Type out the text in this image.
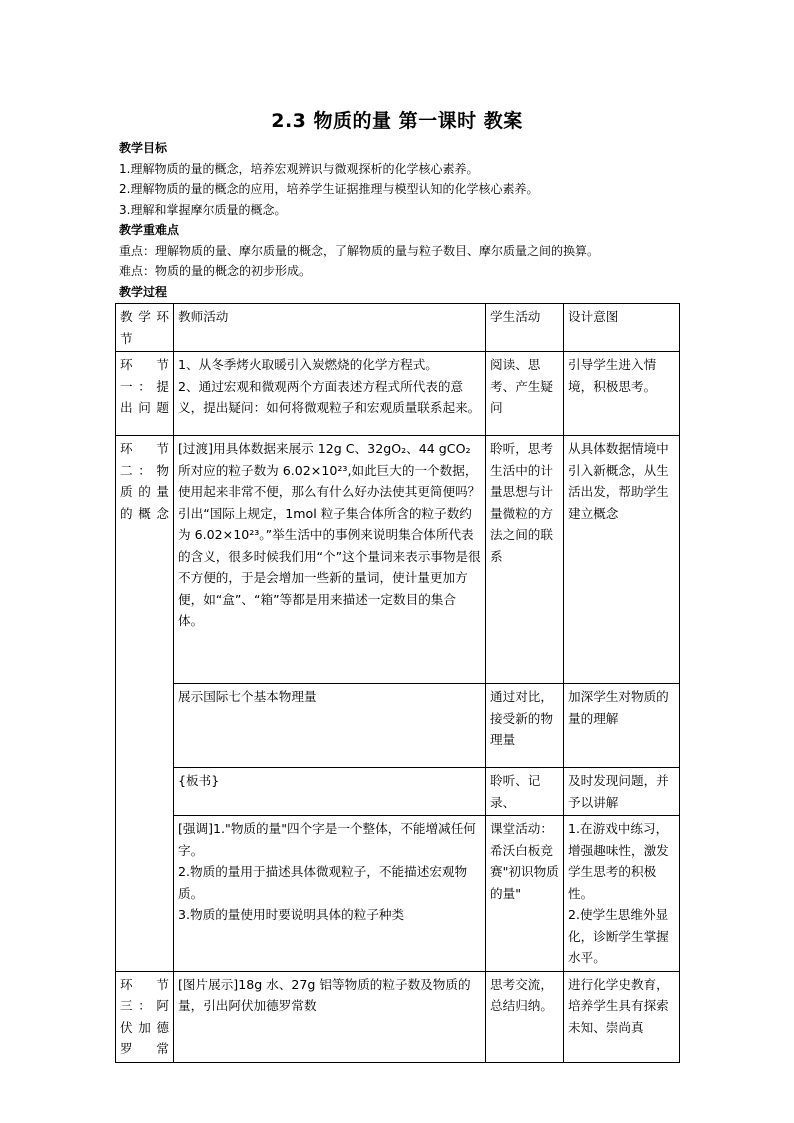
2.3 物质的量 第一课时 教案
教学目标
1.理解物质的量的概念，培养宏观辨识与微观探析的化学核心素养。
2.理解物质的量的概念的应用，培养学生证据推理与模型认知的化学核心素养。
3.理解和掌握摩尔质量的概念。
教学重难点
重点：理解物质的量、摩尔质量的概念，了解物质的量与粒子数目、摩尔质量之间的换算。
难点：物质的量的概念的初步形成。
教学过程
教学环节	教师活动	学生活动	设计意图
环节一：提出问题	1、从冬季烤火取暖引入炭燃烧的化学方程式。
2、通过宏观和微观两个方面表述方程式所代表的意义，提出疑问：如何将微观粒子和宏观质量联系起来。	阅读、思考、产生疑问	引导学生进入情境，积极思考。
环节二：物质的量的概念	[过渡]用具体数据来展示 12g C、32gO₂、44 gCO₂所对应的粒子数为 6.02×10²³,如此巨大的一个数据，使用起来非常不便，那么有什么好办法使其更简便吗？引出“国际上规定，1mol 粒子集合体所含的粒子数约为 6.02×10²³。”举生活中的事例来说明集合体所代表的含义，很多时候我们用“个”这个量词来表示事物是很不方便的，于是会增加一些新的量词，使计量更加方便，如“盒”、“箱”等都是用来描述一定数目的集合体。	聆听，思考生活中的计量思想与计量微粒的方法之间的联系	从具体数据情境中引入新概念，从生活出发，帮助学生建立概念
	展示国际七个基本物理量	通过对比，接受新的物理量	加深学生对物质的量的理解
	{板书}	聆听、记录、	及时发现问题，并予以讲解
	[强调]1."物质的量"四个字是一个整体，不能增减任何字。
2.物质的量用于描述具体微观粒子，不能描述宏观物质。
3.物质的量使用时要说明具体的粒子种类	课堂活动：希沃白板竞赛"初识物质的量"	1.在游戏中练习，增强趣味性，激发学生思考的积极性。
2.使学生思维外显化，诊断学生掌握水平。
环节三：阿伏加德罗常	[图片展示]18g 水、27g 铝等物质的粒子数及物质的量，引出阿伏加德罗常数	思考交流，总结归纳。	进行化学史教育，培养学生具有探索未知、崇尚真
